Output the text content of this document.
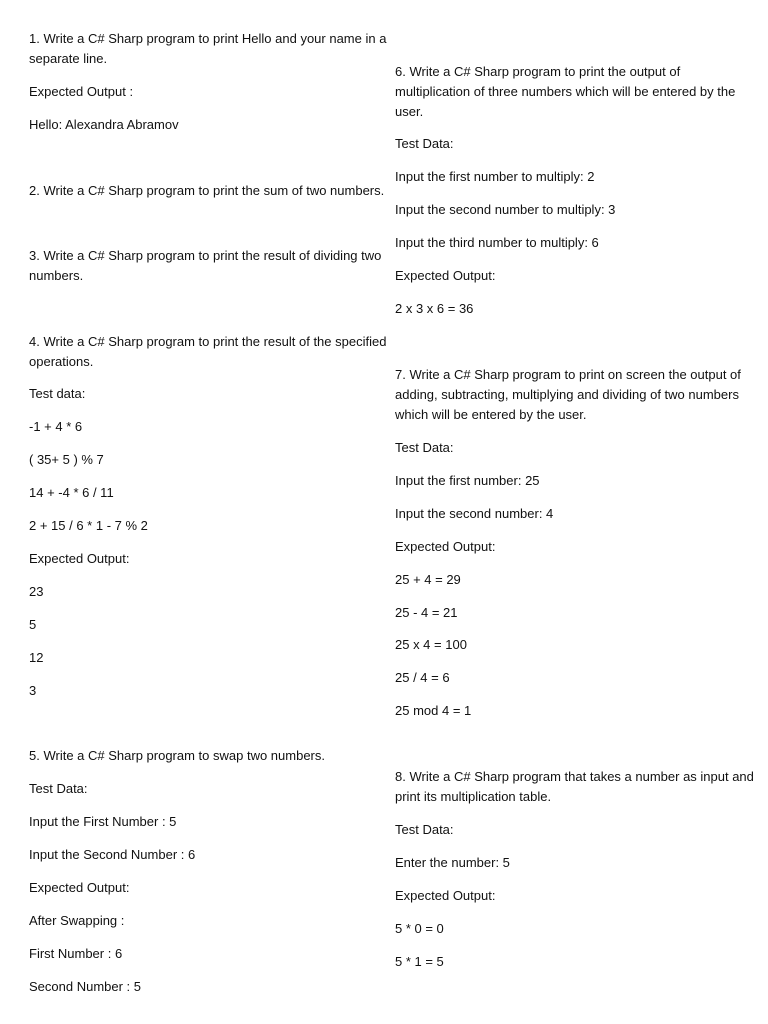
1. Write a C# Sharp program to print Hello and your name in a
separate line.
Expected Output :
Hello: Alexandra Abramov
2. Write a C# Sharp program to print the sum of two numbers.
3. Write a C# Sharp program to print the result of dividing two
numbers.
4. Write a C# Sharp program to print the result of the specified
operations.
Test data:
-1 + 4 * 6
( 35+ 5 ) % 7
14 + -4 * 6 / 11
2 + 15 / 6 * 1 - 7 % 2
Expected Output:
23
5
12
3
5. Write a C# Sharp program to swap two numbers.
Test Data:
Input the First Number : 5
Input the Second Number : 6
Expected Output:
After Swapping :
First Number : 6
Second Number : 5
6. Write a C# Sharp program to print the output of
multiplication of three numbers which will be entered by the
user.
Test Data:
Input the first number to multiply: 2
Input the second number to multiply: 3
Input the third number to multiply: 6
Expected Output:
2 x 3 x 6 = 36
7. Write a C# Sharp program to print on screen the output of
adding, subtracting, multiplying and dividing of two numbers
which will be entered by the user.
Test Data:
Input the first number: 25
Input the second number: 4
Expected Output:
25 + 4 = 29
25 - 4 = 21
25 x 4 = 100
25 / 4 = 6
25 mod 4 = 1
8. Write a C# Sharp program that takes a number as input and
print its multiplication table.
Test Data:
Enter the number: 5
Expected Output:
5 * 0 = 0
5 * 1 = 5
